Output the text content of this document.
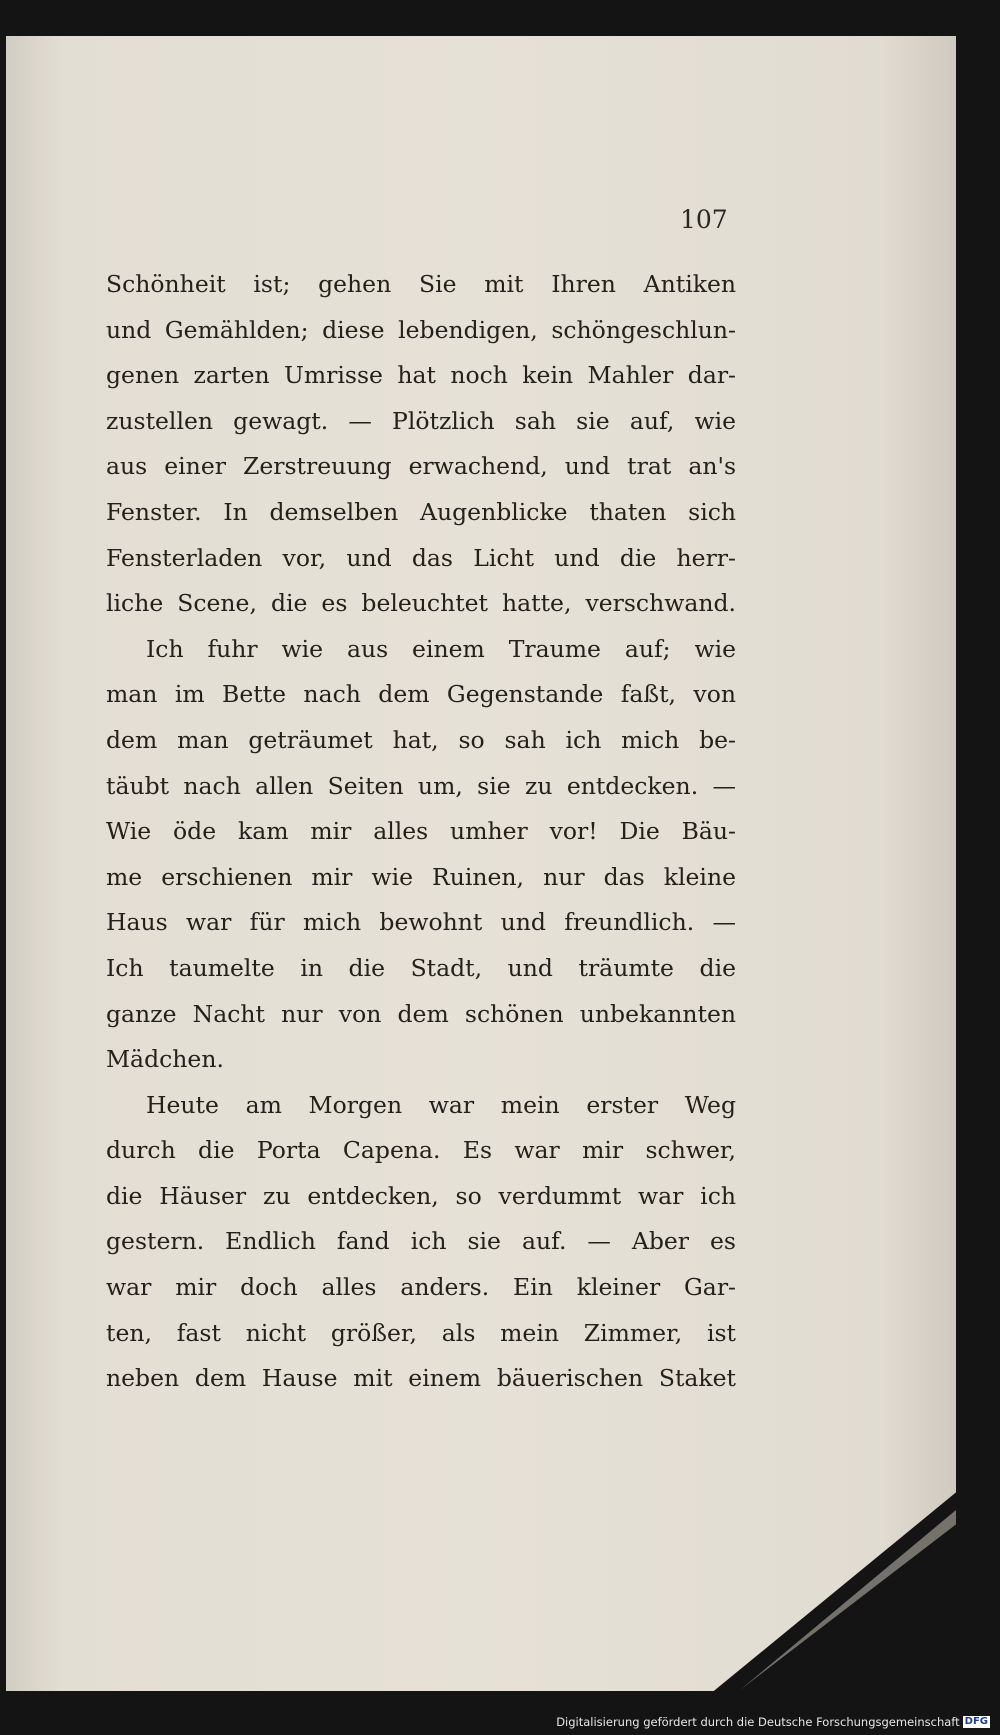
107
Schönheit ist; gehen Sie mit Ihren Antiken
und Gemählden; diese lebendigen, schöngeschlun-
genen zarten Umrisse hat noch kein Mahler dar-
zustellen gewagt. — Plötzlich sah sie auf, wie
aus einer Zerstreuung erwachend, und trat an's
Fenster. In demselben Augenblicke thaten sich
Fensterladen vor, und das Licht und die herr-
liche Scene, die es beleuchtet hatte, verschwand.
Ich fuhr wie aus einem Traume auf; wie
man im Bette nach dem Gegenstande faßt, von
dem man geträumet hat, so sah ich mich be-
täubt nach allen Seiten um, sie zu entdecken. —
Wie öde kam mir alles umher vor! Die Bäu-
me erschienen mir wie Ruinen, nur das kleine
Haus war für mich bewohnt und freundlich. —
Ich taumelte in die Stadt, und träumte die
ganze Nacht nur von dem schönen unbekannten
Mädchen.
Heute am Morgen war mein erster Weg
durch die Porta Capena. Es war mir schwer,
die Häuser zu entdecken, so verdummt war ich
gestern. Endlich fand ich sie auf. — Aber es
war mir doch alles anders. Ein kleiner Gar-
ten, fast nicht größer, als mein Zimmer, ist
neben dem Hause mit einem bäuerischen Staket
Digitalisierung gefördert durch die Deutsche Forschungsgemeinschaft DFG
